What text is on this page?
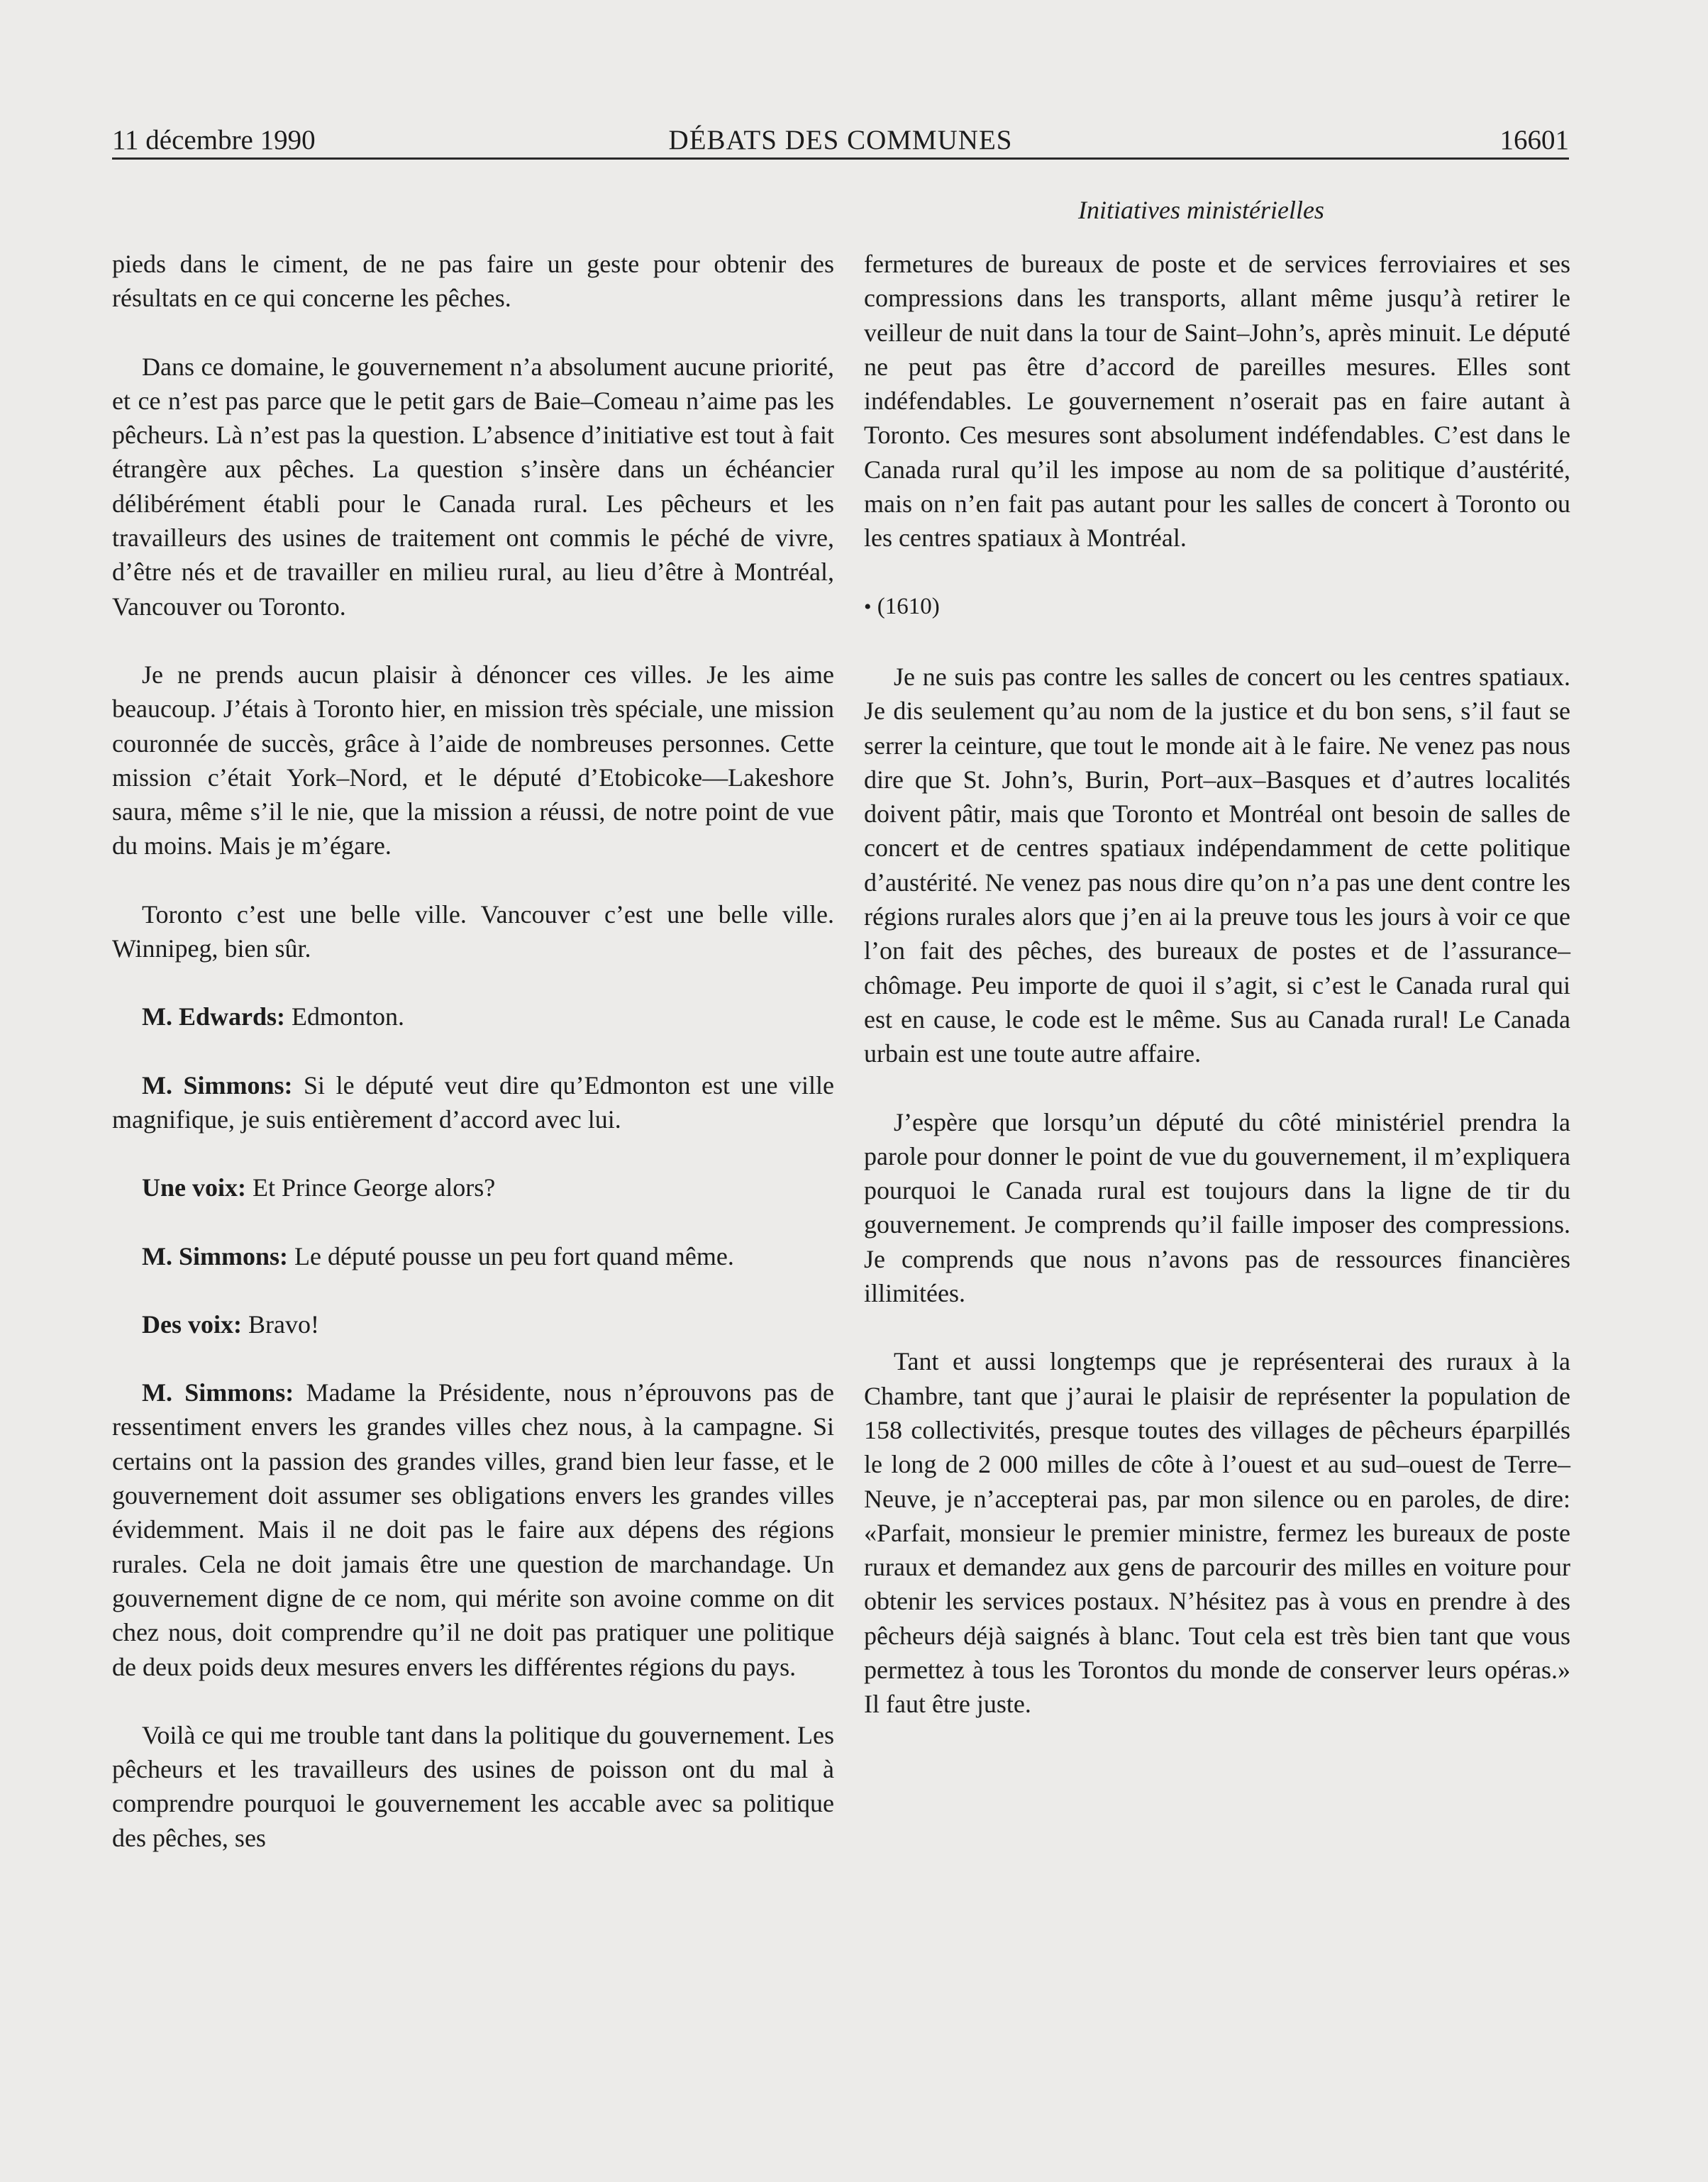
11 décembre 1990	DÉBATS DES COMMUNES	16601
Initiatives ministérielles

pieds dans le ciment, de ne pas faire un geste pour obtenir des résultats en ce qui concerne les pêches.

Dans ce domaine, le gouvernement n’a absolument aucune priorité, et ce n’est pas parce que le petit gars de Baie–Comeau n’aime pas les pêcheurs. Là n’est pas la question. L’absence d’initiative est tout à fait étrangère aux pêches. La question s’insère dans un échéancier délibérément établi pour le Canada rural. Les pêcheurs et les travailleurs des usines de traitement ont commis le péché de vivre, d’être nés et de travailler en milieu rural, au lieu d’être à Montréal, Vancouver ou Toronto.

Je ne prends aucun plaisir à dénoncer ces villes. Je les aime beaucoup. J’étais à Toronto hier, en mission très spéciale, une mission couronnée de succès, grâce à l’aide de nombreuses personnes. Cette mission c’était York–Nord, et le député d’Etobicoke—Lakeshore saura, même s’il le nie, que la mission a réussi, de notre point de vue du moins. Mais je m’égare.

Toronto c’est une belle ville. Vancouver c’est une belle ville. Winnipeg, bien sûr.

M. Edwards: Edmonton.

M. Simmons: Si le député veut dire qu’Edmonton est une ville magnifique, je suis entièrement d’accord avec lui.

Une voix: Et Prince George alors?

M. Simmons: Le député pousse un peu fort quand même.

Des voix: Bravo!

M. Simmons: Madame la Présidente, nous n’éprouvons pas de ressentiment envers les grandes villes chez nous, à la campagne. Si certains ont la passion des grandes villes, grand bien leur fasse, et le gouvernement doit assumer ses obligations envers les grandes villes évidemment. Mais il ne doit pas le faire aux dépens des régions rurales. Cela ne doit jamais être une question de marchandage. Un gouvernement digne de ce nom, qui mérite son avoine comme on dit chez nous, doit comprendre qu’il ne doit pas pratiquer une politique de deux poids deux mesures envers les différentes régions du pays.

Voilà ce qui me trouble tant dans la politique du gouvernement. Les pêcheurs et les travailleurs des usines de poisson ont du mal à comprendre pourquoi le gouvernement les accable avec sa politique des pêches, ses

fermetures de bureaux de poste et de services ferroviaires et ses compressions dans les transports, allant même jusqu’à retirer le veilleur de nuit dans la tour de Saint–John’s, après minuit. Le député ne peut pas être d’accord de pareilles mesures. Elles sont indéfendables. Le gouvernement n’oserait pas en faire autant à Toronto. Ces mesures sont absolument indéfendables. C’est dans le Canada rural qu’il les impose au nom de sa politique d’austérité, mais on n’en fait pas autant pour les salles de concert à Toronto ou les centres spatiaux à Montréal.

• (1610)

Je ne suis pas contre les salles de concert ou les centres spatiaux. Je dis seulement qu’au nom de la justice et du bon sens, s’il faut se serrer la ceinture, que tout le monde ait à le faire. Ne venez pas nous dire que St. John’s, Burin, Port–aux–Basques et d’autres localités doivent pâtir, mais que Toronto et Montréal ont besoin de salles de concert et de centres spatiaux indépendamment de cette politique d’austérité. Ne venez pas nous dire qu’on n’a pas une dent contre les régions rurales alors que j’en ai la preuve tous les jours à voir ce que l’on fait des pêches, des bureaux de postes et de l’assurance–chômage. Peu importe de quoi il s’agit, si c’est le Canada rural qui est en cause, le code est le même. Sus au Canada rural! Le Canada urbain est une toute autre affaire.

J’espère que lorsqu’un député du côté ministériel prendra la parole pour donner le point de vue du gouvernement, il m’expliquera pourquoi le Canada rural est toujours dans la ligne de tir du gouvernement. Je comprends qu’il faille imposer des compressions. Je comprends que nous n’avons pas de ressources financières illimitées.

Tant et aussi longtemps que je représenterai des ruraux à la Chambre, tant que j’aurai le plaisir de représenter la population de 158 collectivités, presque toutes des villages de pêcheurs éparpillés le long de 2 000 milles de côte à l’ouest et au sud–ouest de Terre–Neuve, je n’accepterai pas, par mon silence ou en paroles, de dire: «Parfait, monsieur le premier ministre, fermez les bureaux de poste ruraux et demandez aux gens de parcourir des milles en voiture pour obtenir les services postaux. N’hésitez pas à vous en prendre à des pêcheurs déjà saignés à blanc. Tout cela est très bien tant que vous permettez à tous les Torontos du monde de conserver leurs opéras.» Il faut être juste.
